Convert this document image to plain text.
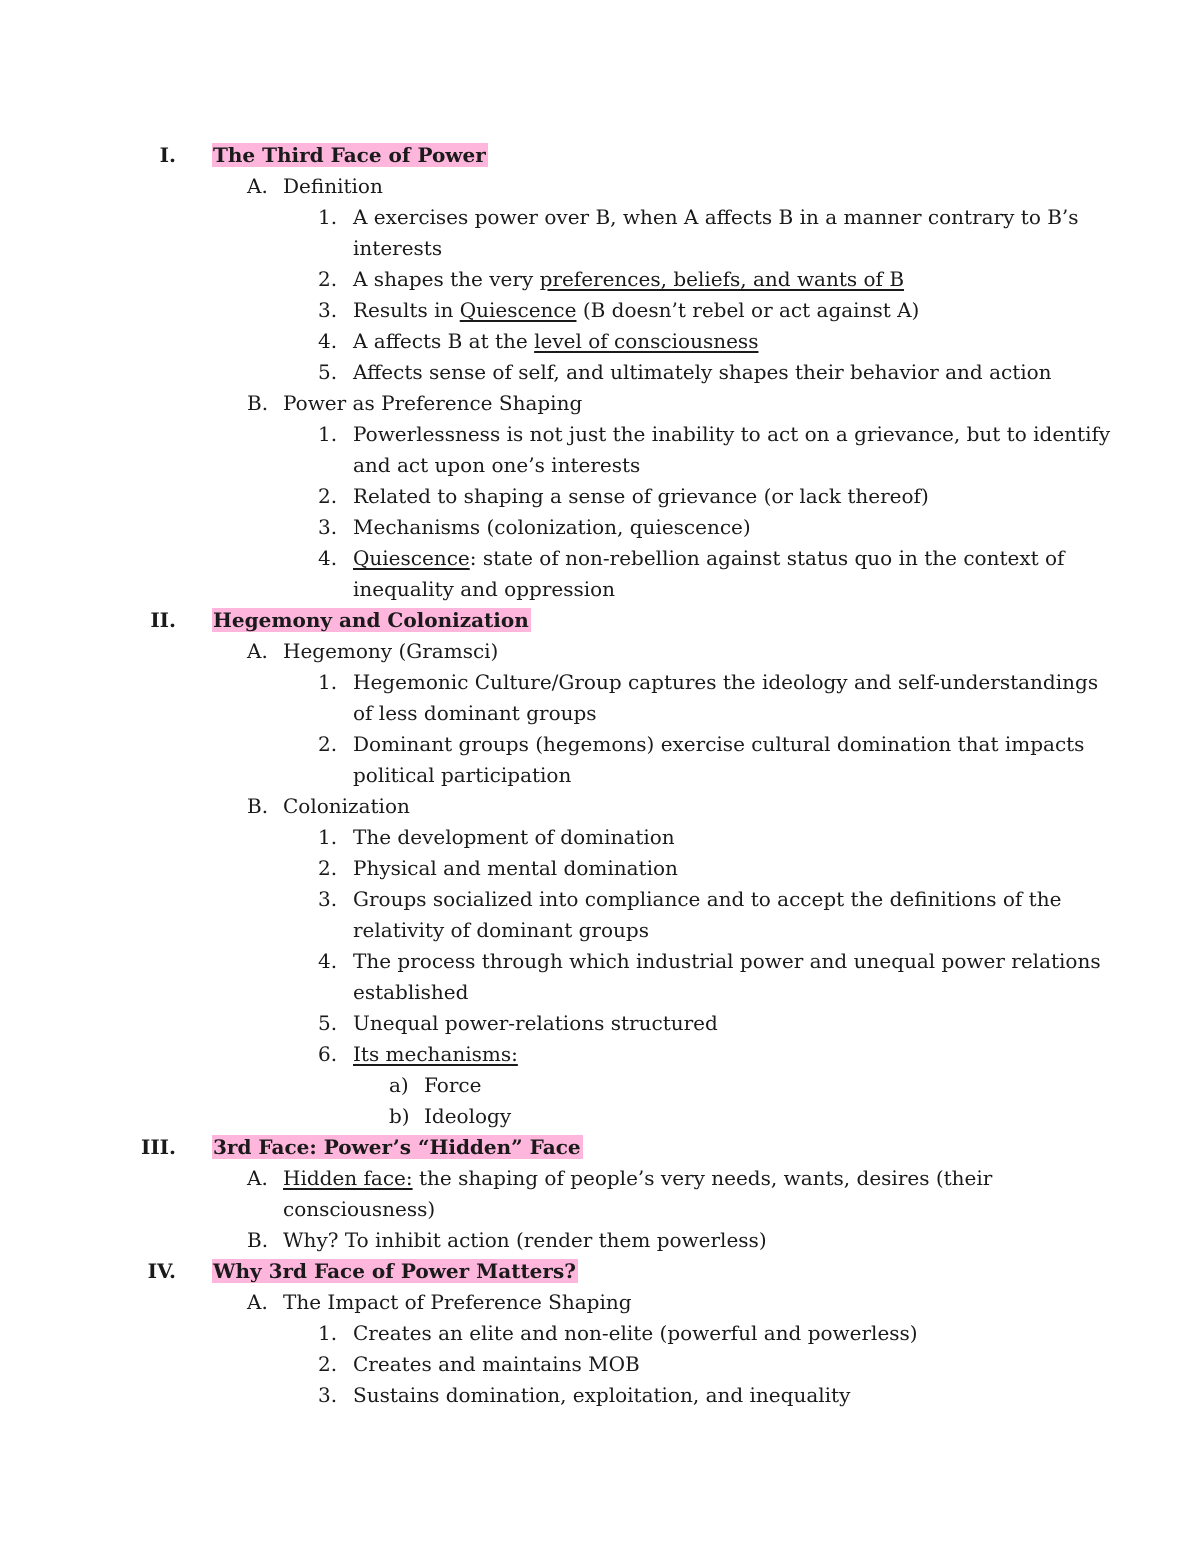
I. The Third Face of Power
A. Definition
1. A exercises power over B, when A affects B in a manner contrary to B’s
interests
2. A shapes the very preferences, beliefs, and wants of B
3. Results in Quiescence (B doesn’t rebel or act against A)
4. A affects B at the level of consciousness
5. Affects sense of self, and ultimately shapes their behavior and action
B. Power as Preference Shaping
1. Powerlessness is not just the inability to act on a grievance, but to identify
and act upon one’s interests
2. Related to shaping a sense of grievance (or lack thereof)
3. Mechanisms (colonization, quiescence)
4. Quiescence: state of non-rebellion against status quo in the context of
inequality and oppression
II. Hegemony and Colonization
A. Hegemony (Gramsci)
1. Hegemonic Culture/Group captures the ideology and self-understandings
of less dominant groups
2. Dominant groups (hegemons) exercise cultural domination that impacts
political participation
B. Colonization
1. The development of domination
2. Physical and mental domination
3. Groups socialized into compliance and to accept the definitions of the
relativity of dominant groups
4. The process through which industrial power and unequal power relations
established
5. Unequal power-relations structured
6. Its mechanisms:
a) Force
b) Ideology
III. 3rd Face: Power’s “Hidden” Face
A. Hidden face: the shaping of people’s very needs, wants, desires (their
consciousness)
B. Why? To inhibit action (render them powerless)
IV. Why 3rd Face of Power Matters?
A. The Impact of Preference Shaping
1. Creates an elite and non-elite (powerful and powerless)
2. Creates and maintains MOB
3. Sustains domination, exploitation, and inequality
